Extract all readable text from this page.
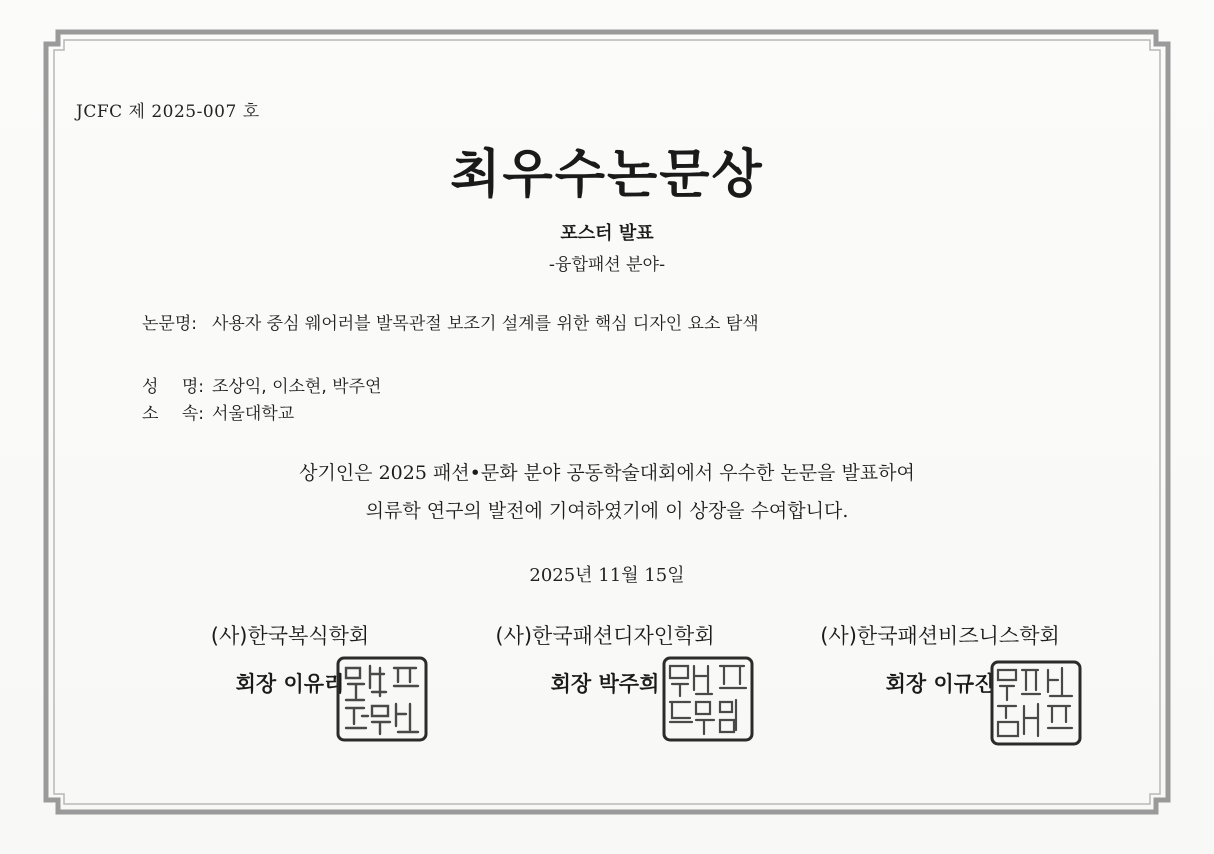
JCFC 제 2025-007 호
최우수논문상
포스터 발표
-융합패션 분야-
논문명: 사용자 중심 웨어러블 발목관절 보조기 설계를 위한 핵심 디자인 요소 탐색
성 명: 조상익, 이소현, 박주연
소 속: 서울대학교
상기인은 2025 패션•문화 분야 공동학술대회에서 우수한 논문을 발표하여
의류학 연구의 발전에 기여하였기에 이 상장을 수여합니다.
2025년 11월 15일
(사)한국복식학회
회장 이유리
(사)한국패션디자인학회
회장 박주희
(사)한국패션비즈니스학회
회장 이규진
